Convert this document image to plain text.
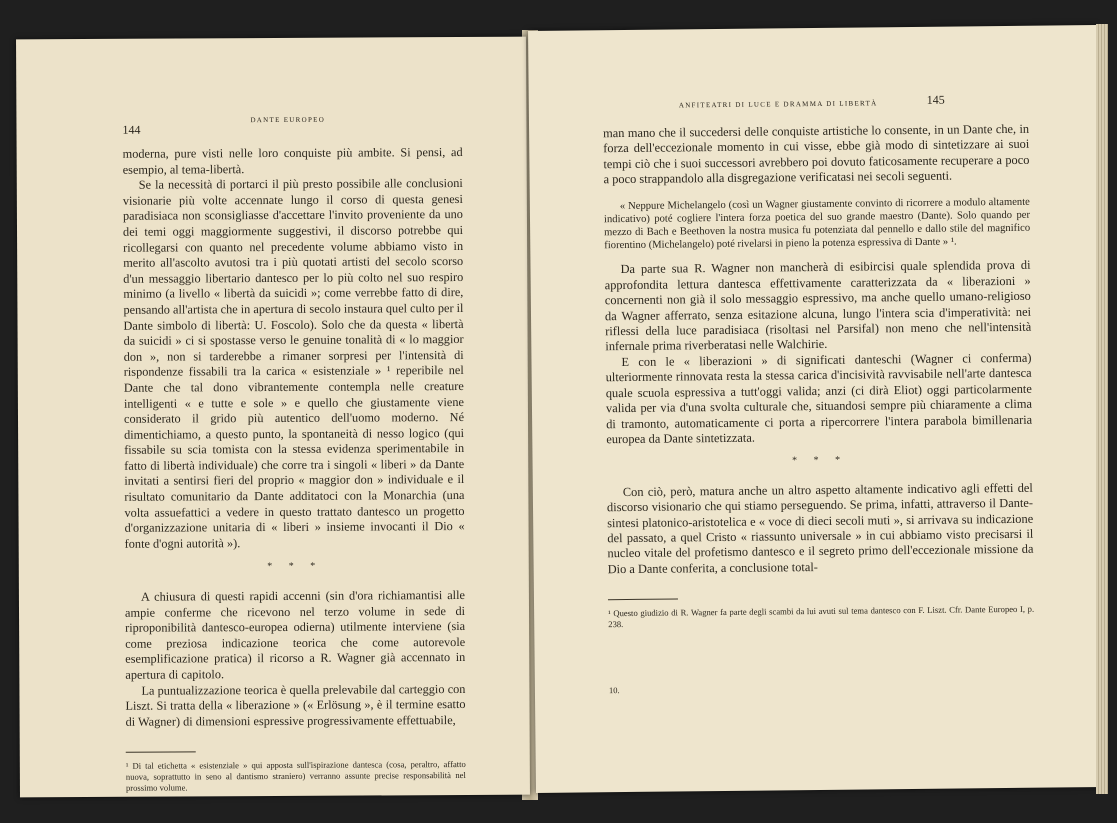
144
DANTE EUROPEO

moderna, pure visti nelle loro conquiste più ambite. Si pensi, ad esempio, al tema-libertà.

Se la necessità di portarci il più presto possibile alle conclusioni visionarie più volte accennate lungo il corso di questa genesi paradisiaca non sconsigliasse d'accettare l'invito proveniente da uno dei temi oggi maggiormente suggestivi, il discorso potrebbe qui ricollegarsi con quanto nel precedente volume abbiamo visto in merito all'ascolto avutosi tra i più quotati artisti del secolo scorso d'un messaggio libertario dantesco per lo più colto nel suo respiro minimo (a livello « libertà da suicidi »; come verrebbe fatto di dire, pensando all'artista che in apertura di secolo instaura quel culto per il Dante simbolo di libertà: U. Foscolo). Solo che da questa « libertà da suicidi » ci si spostasse verso le genuine tonalità di « lo maggior don », non si tarderebbe a rimaner sorpresi per l'intensità di rispondenze fissabili tra la carica « esistenziale » ¹ reperibile nel Dante che tal dono vibrantemente contempla nelle creature intelligenti « e tutte e sole » e quello che giustamente viene considerato il grido più autentico dell'uomo moderno. Né dimentichiamo, a questo punto, la spontaneità di nesso logico (qui fissabile su scia tomista con la stessa evidenza sperimentabile in fatto di libertà individuale) che corre tra i singoli « liberi » da Dante invitati a sentirsi fieri del proprio « maggior don » individuale e il risultato comunitario da Dante additatoci con la Monarchia (una volta assuefattici a vedere in questo trattato dantesco un progetto d'organizzazione unitaria di « liberi » insieme invocanti il Dio « fonte d'ogni autorità »).

* * *

A chiusura di questi rapidi accenni (sin d'ora richiamantisi alle ampie conferme che ricevono nel terzo volume in sede di riproponibilità dantesco-europea odierna) utilmente interviene (sia come preziosa indicazione teorica che come autorevole esemplificazione pratica) il ricorso a R. Wagner già accennato in apertura di capitolo.

La puntualizzazione teorica è quella prelevabile dal carteggio con Liszt. Si tratta della « liberazione » (« Erlösung », è il termine esatto di Wagner) di dimensioni espressive progressivamente effettuabile,

¹ Di tal etichetta « esistenziale » qui apposta sull'ispirazione dantesca (cosa, peraltro, affatto nuova, soprattutto in seno al dantismo straniero) verranno assunte precise responsabilità nel prossimo volume.
ANFITEATRI DI LUCE E DRAMMA DI LIBERTÀ	145

man mano che il succedersi delle conquiste artistiche lo consente, in un Dante che, in forza dell'eccezionale momento in cui visse, ebbe già modo di sintetizzare ai suoi tempi ciò che i suoi successori avrebbero poi dovuto faticosamente recuperare a poco a poco strappandolo alla disgregazione verificatasi nei secoli seguenti.

« Neppure Michelangelo (così un Wagner giustamente convinto di ricorrere a modulo altamente indicativo) poté cogliere l'intera forza poetica del suo grande maestro (Dante). Solo quando per mezzo di Bach e Beethoven la nostra musica fu potenziata dal pennello e dallo stile del magnifico fiorentino (Michelangelo) poté rivelarsi in pieno la potenza espressiva di Dante » ¹.

Da parte sua R. Wagner non mancherà di esibircisi quale splendida prova di approfondita lettura dantesca effettivamente caratterizzata da « liberazioni » concernenti non già il solo messaggio espressivo, ma anche quello umano-religioso da Wagner afferrato, senza esitazione alcuna, lungo l'intera scia d'imperatività: nei riflessi della luce paradisiaca (risoltasi nel Parsifal) non meno che nell'intensità infernale prima riverberatasi nelle Walchirie.

E con le « liberazioni » di significati danteschi (Wagner ci conferma) ulteriormente rinnovata resta la stessa carica d'incisività ravvisabile nell'arte dantesca quale scuola espressiva a tutt'oggi valida; anzi (ci dirà Eliot) oggi particolarmente valida per via d'una svolta culturale che, situandosi sempre più chiaramente a clima di tramonto, automaticamente ci porta a ripercorrere l'intera parabola bimillenaria europea da Dante sintetizzata.

* * *

Con ciò, però, matura anche un altro aspetto altamente indicativo agli effetti del discorso visionario che qui stiamo perseguendo. Se prima, infatti, attraverso il Dante-sintesi platonico-aristotelica e « voce di dieci secoli muti », si arrivava su indicazione del passato, a quel Cristo « riassunto universale » in cui abbiamo visto precisarsi il nucleo vitale del profetismo dantesco e il segreto primo dell'eccezionale missione da Dio a Dante conferita, a conclusione total-

¹ Questo giudizio di R. Wagner fa parte degli scambi da lui avuti sul tema dantesco con F. Liszt. Cfr. Dante Europeo I, p. 238.
10.
